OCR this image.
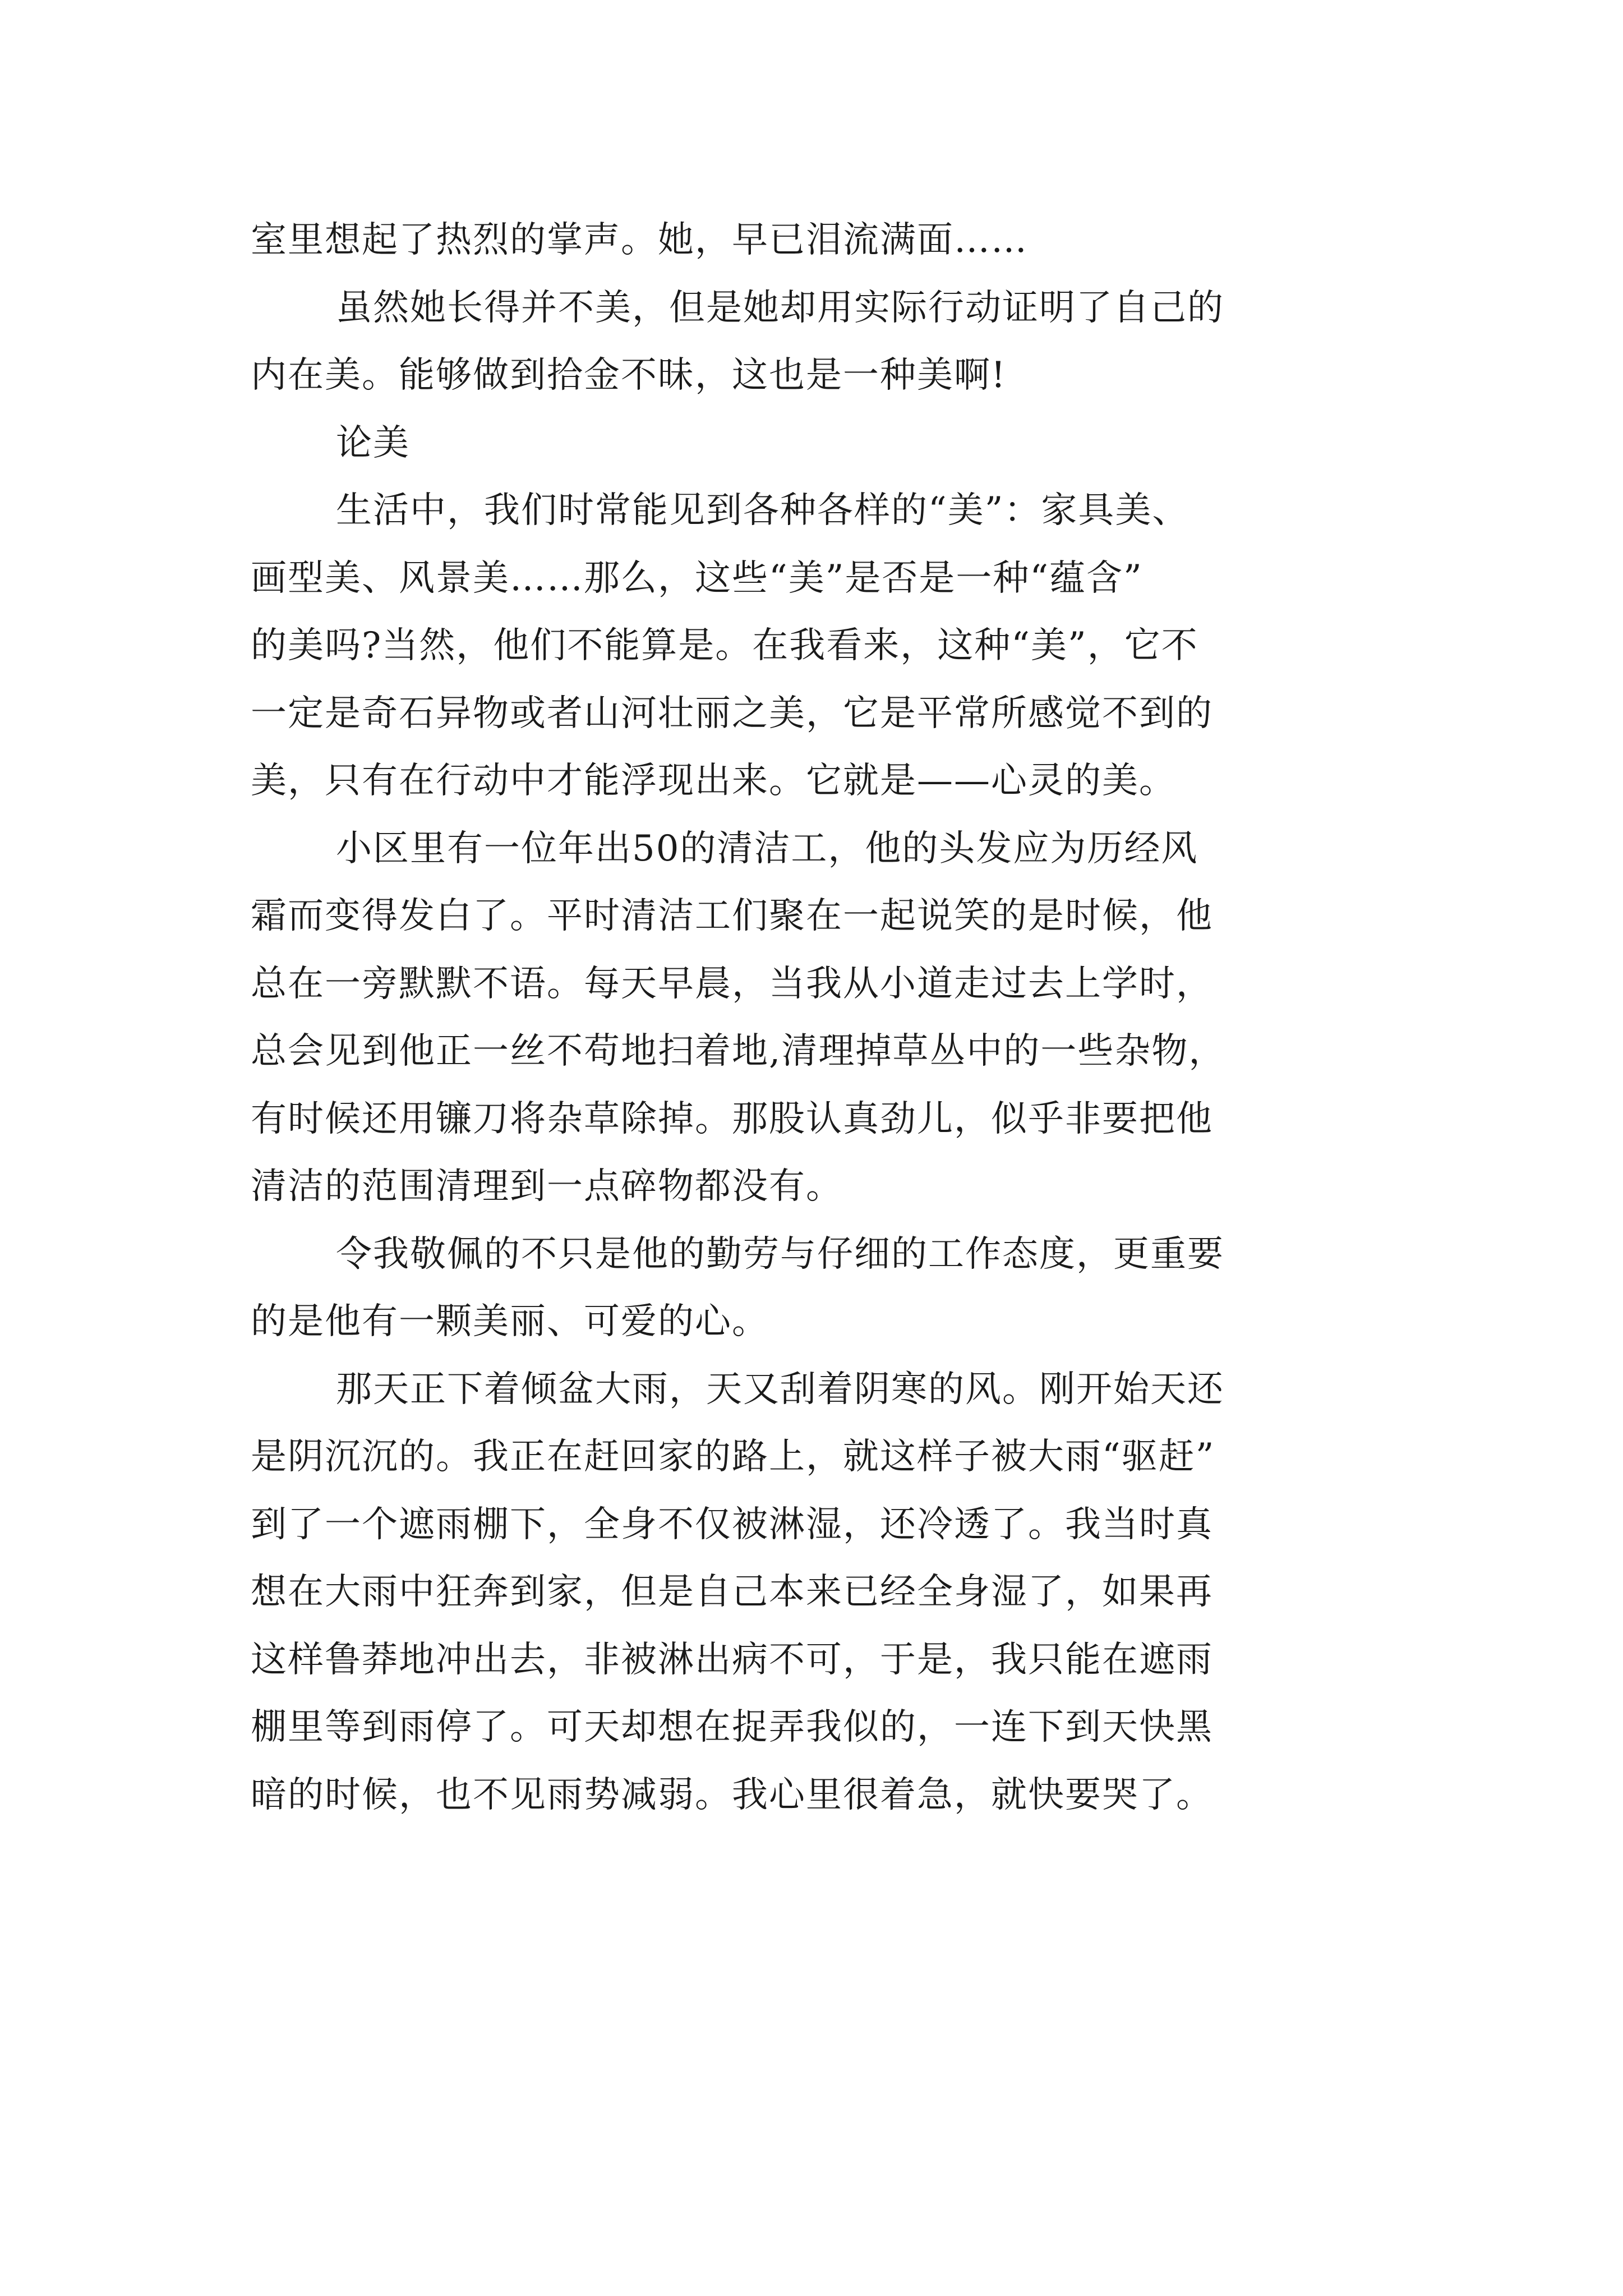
室里想起了热烈的掌声。她，早已泪流满面……
虽然她长得并不美，但是她却用实际行动证明了自己的
内在美。能够做到拾金不昧，这也是一种美啊!
论美
生活中，我们时常能见到各种各样的“美”：家具美、
画型美、风景美……那么，这些“美”是否是一种“蕴含”
的美吗?当然，他们不能算是。在我看来，这种“美”，它不
一定是奇石异物或者山河壮丽之美，它是平常所感觉不到的
美，只有在行动中才能浮现出来。它就是——心灵的美。
小区里有一位年出50的清洁工，他的头发应为历经风
霜而变得发白了。平时清洁工们聚在一起说笑的是时候，他
总在一旁默默不语。每天早晨，当我从小道走过去上学时，
总会见到他正一丝不苟地扫着地,清理掉草丛中的一些杂物，
有时候还用镰刀将杂草除掉。那股认真劲儿，似乎非要把他
清洁的范围清理到一点碎物都没有。
令我敬佩的不只是他的勤劳与仔细的工作态度，更重要
的是他有一颗美丽、可爱的心。
那天正下着倾盆大雨，天又刮着阴寒的风。刚开始天还
是阴沉沉的。我正在赶回家的路上，就这样子被大雨“驱赶”
到了一个遮雨棚下，全身不仅被淋湿，还冷透了。我当时真
想在大雨中狂奔到家，但是自己本来已经全身湿了，如果再
这样鲁莽地冲出去，非被淋出病不可，于是，我只能在遮雨
棚里等到雨停了。可天却想在捉弄我似的，一连下到天快黑
暗的时候，也不见雨势减弱。我心里很着急，就快要哭了。
